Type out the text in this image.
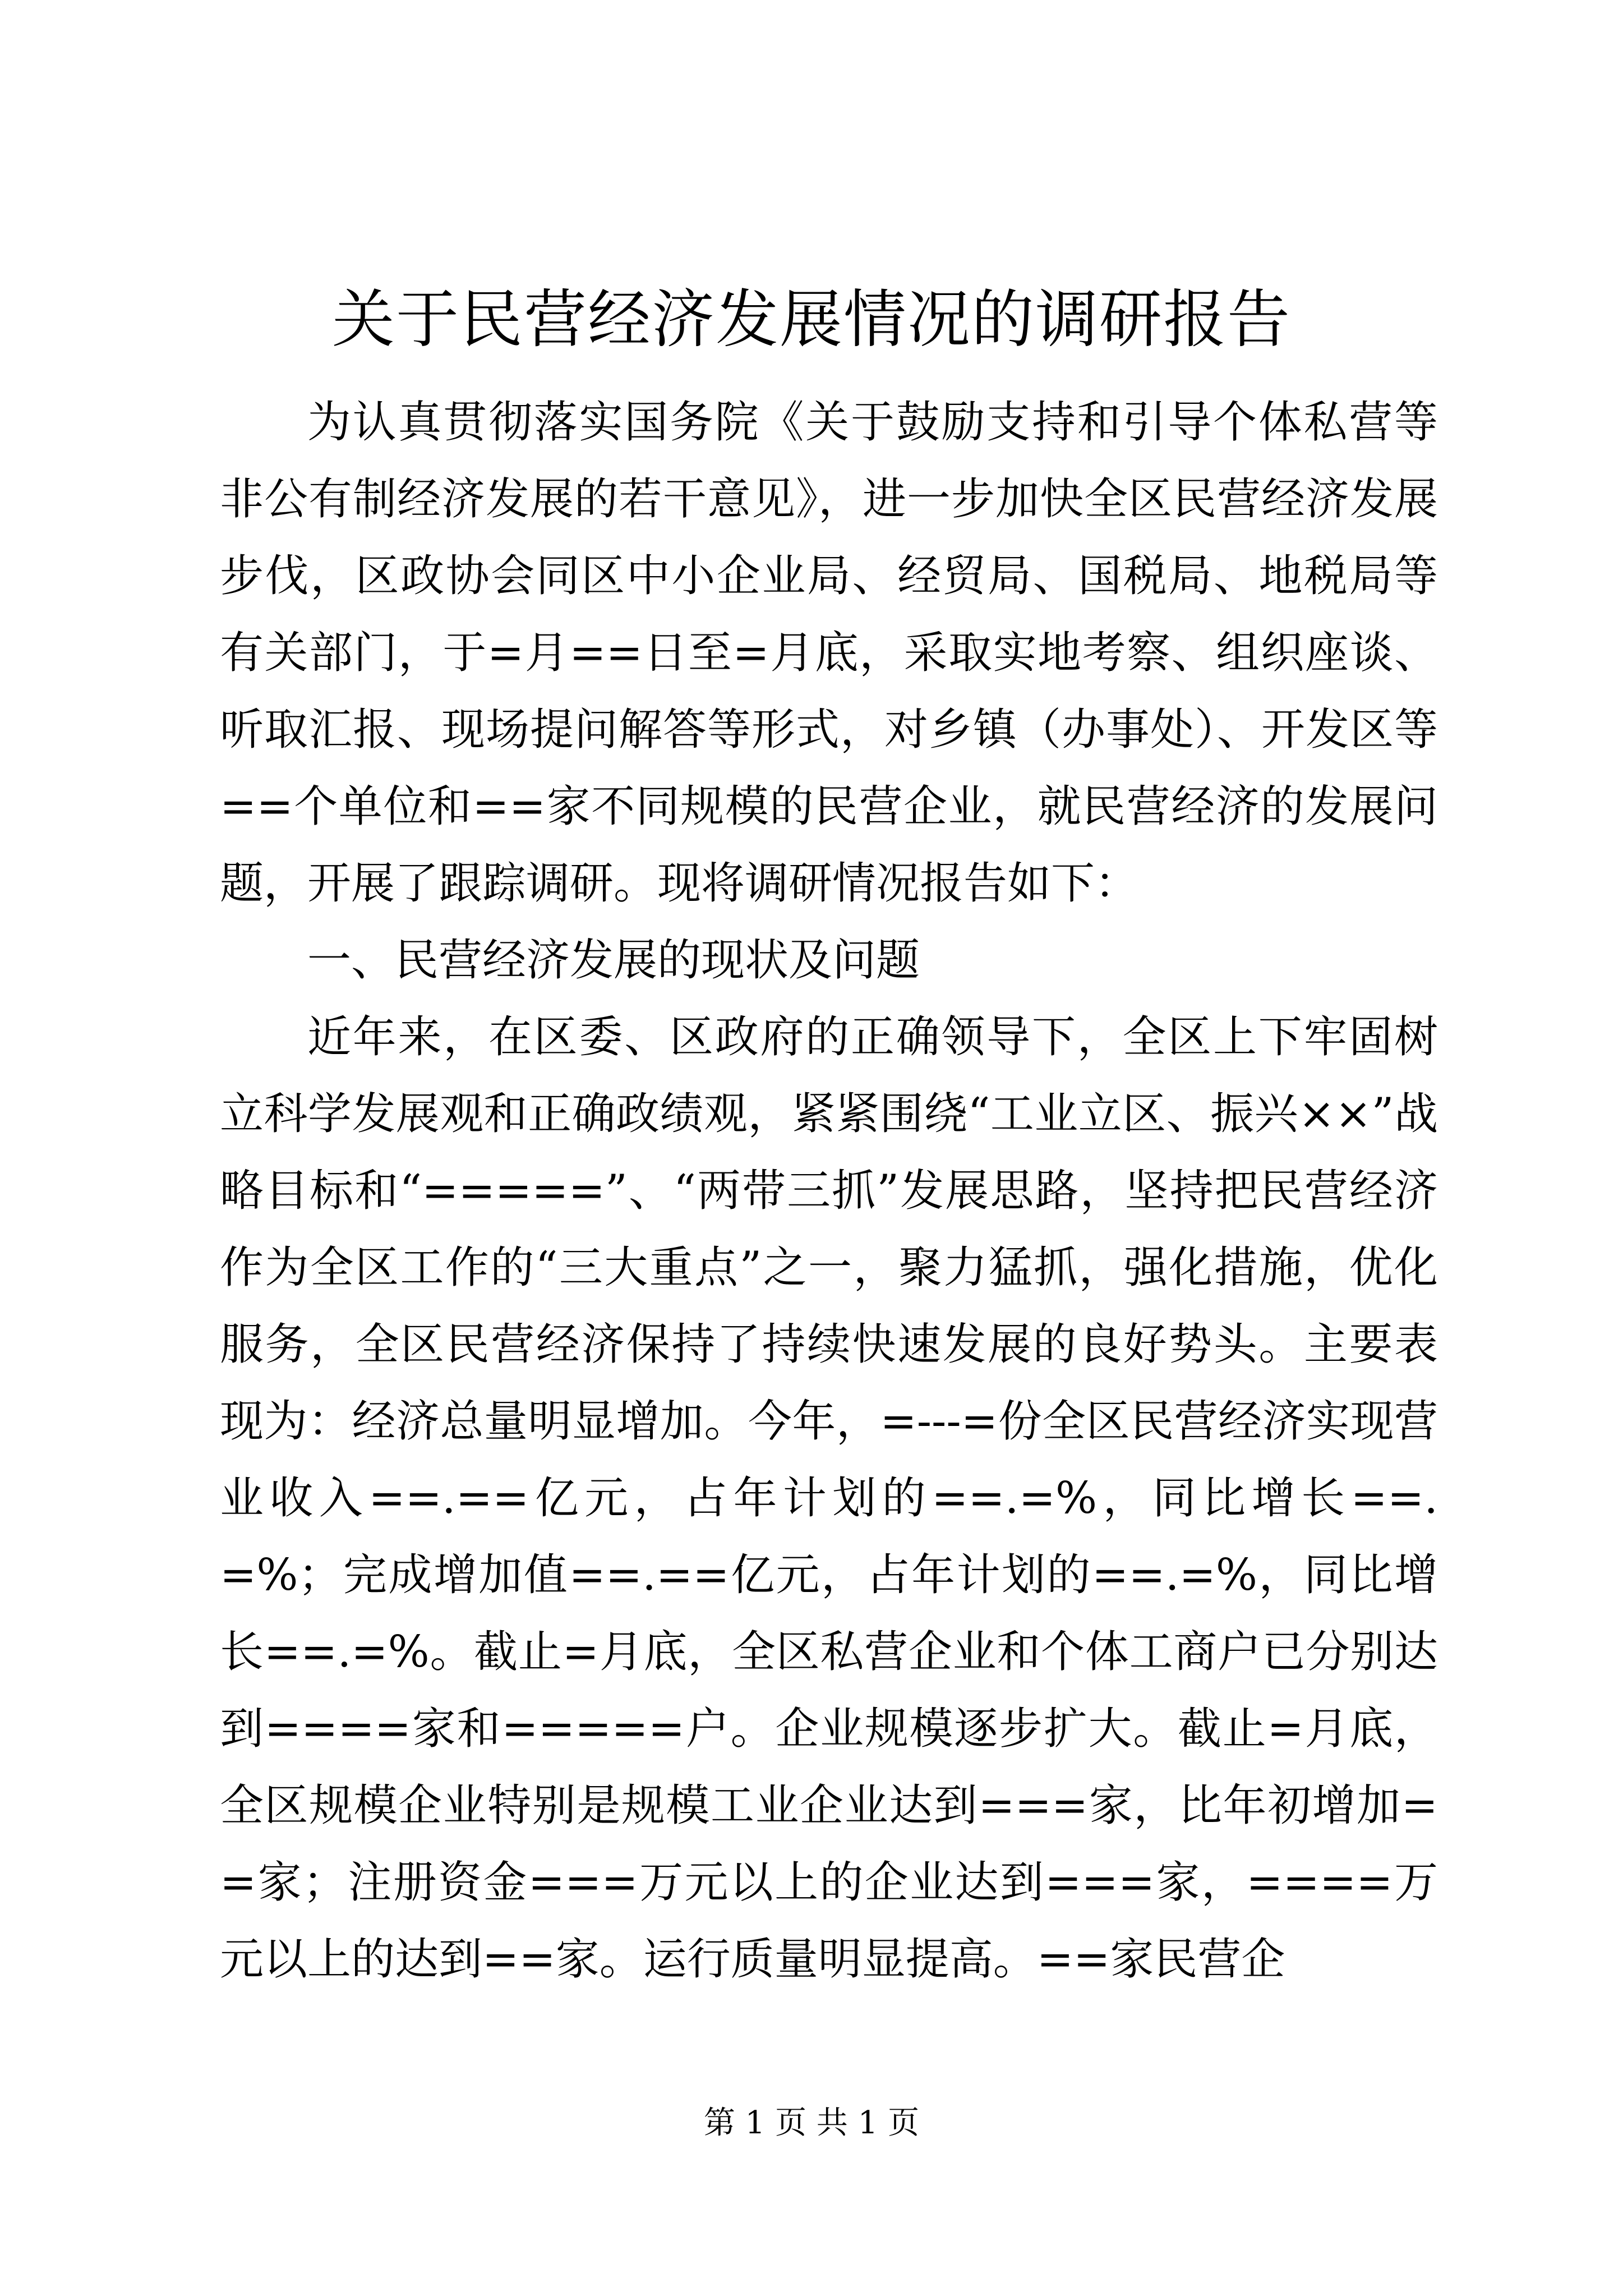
关于民营经济发展情况的调研报告

为认真贯彻落实国务院《关于鼓励支持和引导个体私营等非公有制经济发展的若干意见》，进一步加快全区民营经济发展步伐，区政协会同区中小企业局、经贸局、国税局、地税局等有关部门，于=月==日至=月底，采取实地考察、组织座谈、听取汇报、现场提问解答等形式，对乡镇（办事处）、开发区等==个单位和==家不同规模的民营企业，就民营经济的发展问题，开展了跟踪调研。现将调研情况报告如下：

一、民营经济发展的现状及问题

近年来，在区委、区政府的正确领导下，全区上下牢固树立科学发展观和正确政绩观，紧紧围绕“工业立区、振兴××”战略目标和“=====”、“两带三抓”发展思路，坚持把民营经济作为全区工作的“三大重点”之一，聚力猛抓，强化措施，优化服务，全区民营经济保持了持续快速发展的良好势头。主要表现为：经济总量明显增加。今年，=---=份全区民营经济实现营业收入==.==亿元，占年计划的==.=%，同比增长==.=%；完成增加值==.==亿元，占年计划的==.=%，同比增长==.=%。截止=月底，全区私营企业和个体工商户已分别达到====家和=====户。企业规模逐步扩大。截止=月底，全区规模企业特别是规模工业企业达到===家，比年初增加==家；注册资金===万元以上的企业达到===家，====万元以上的达到==家。运行质量明显提高。==家民营企

第 1 页 共 1 页
